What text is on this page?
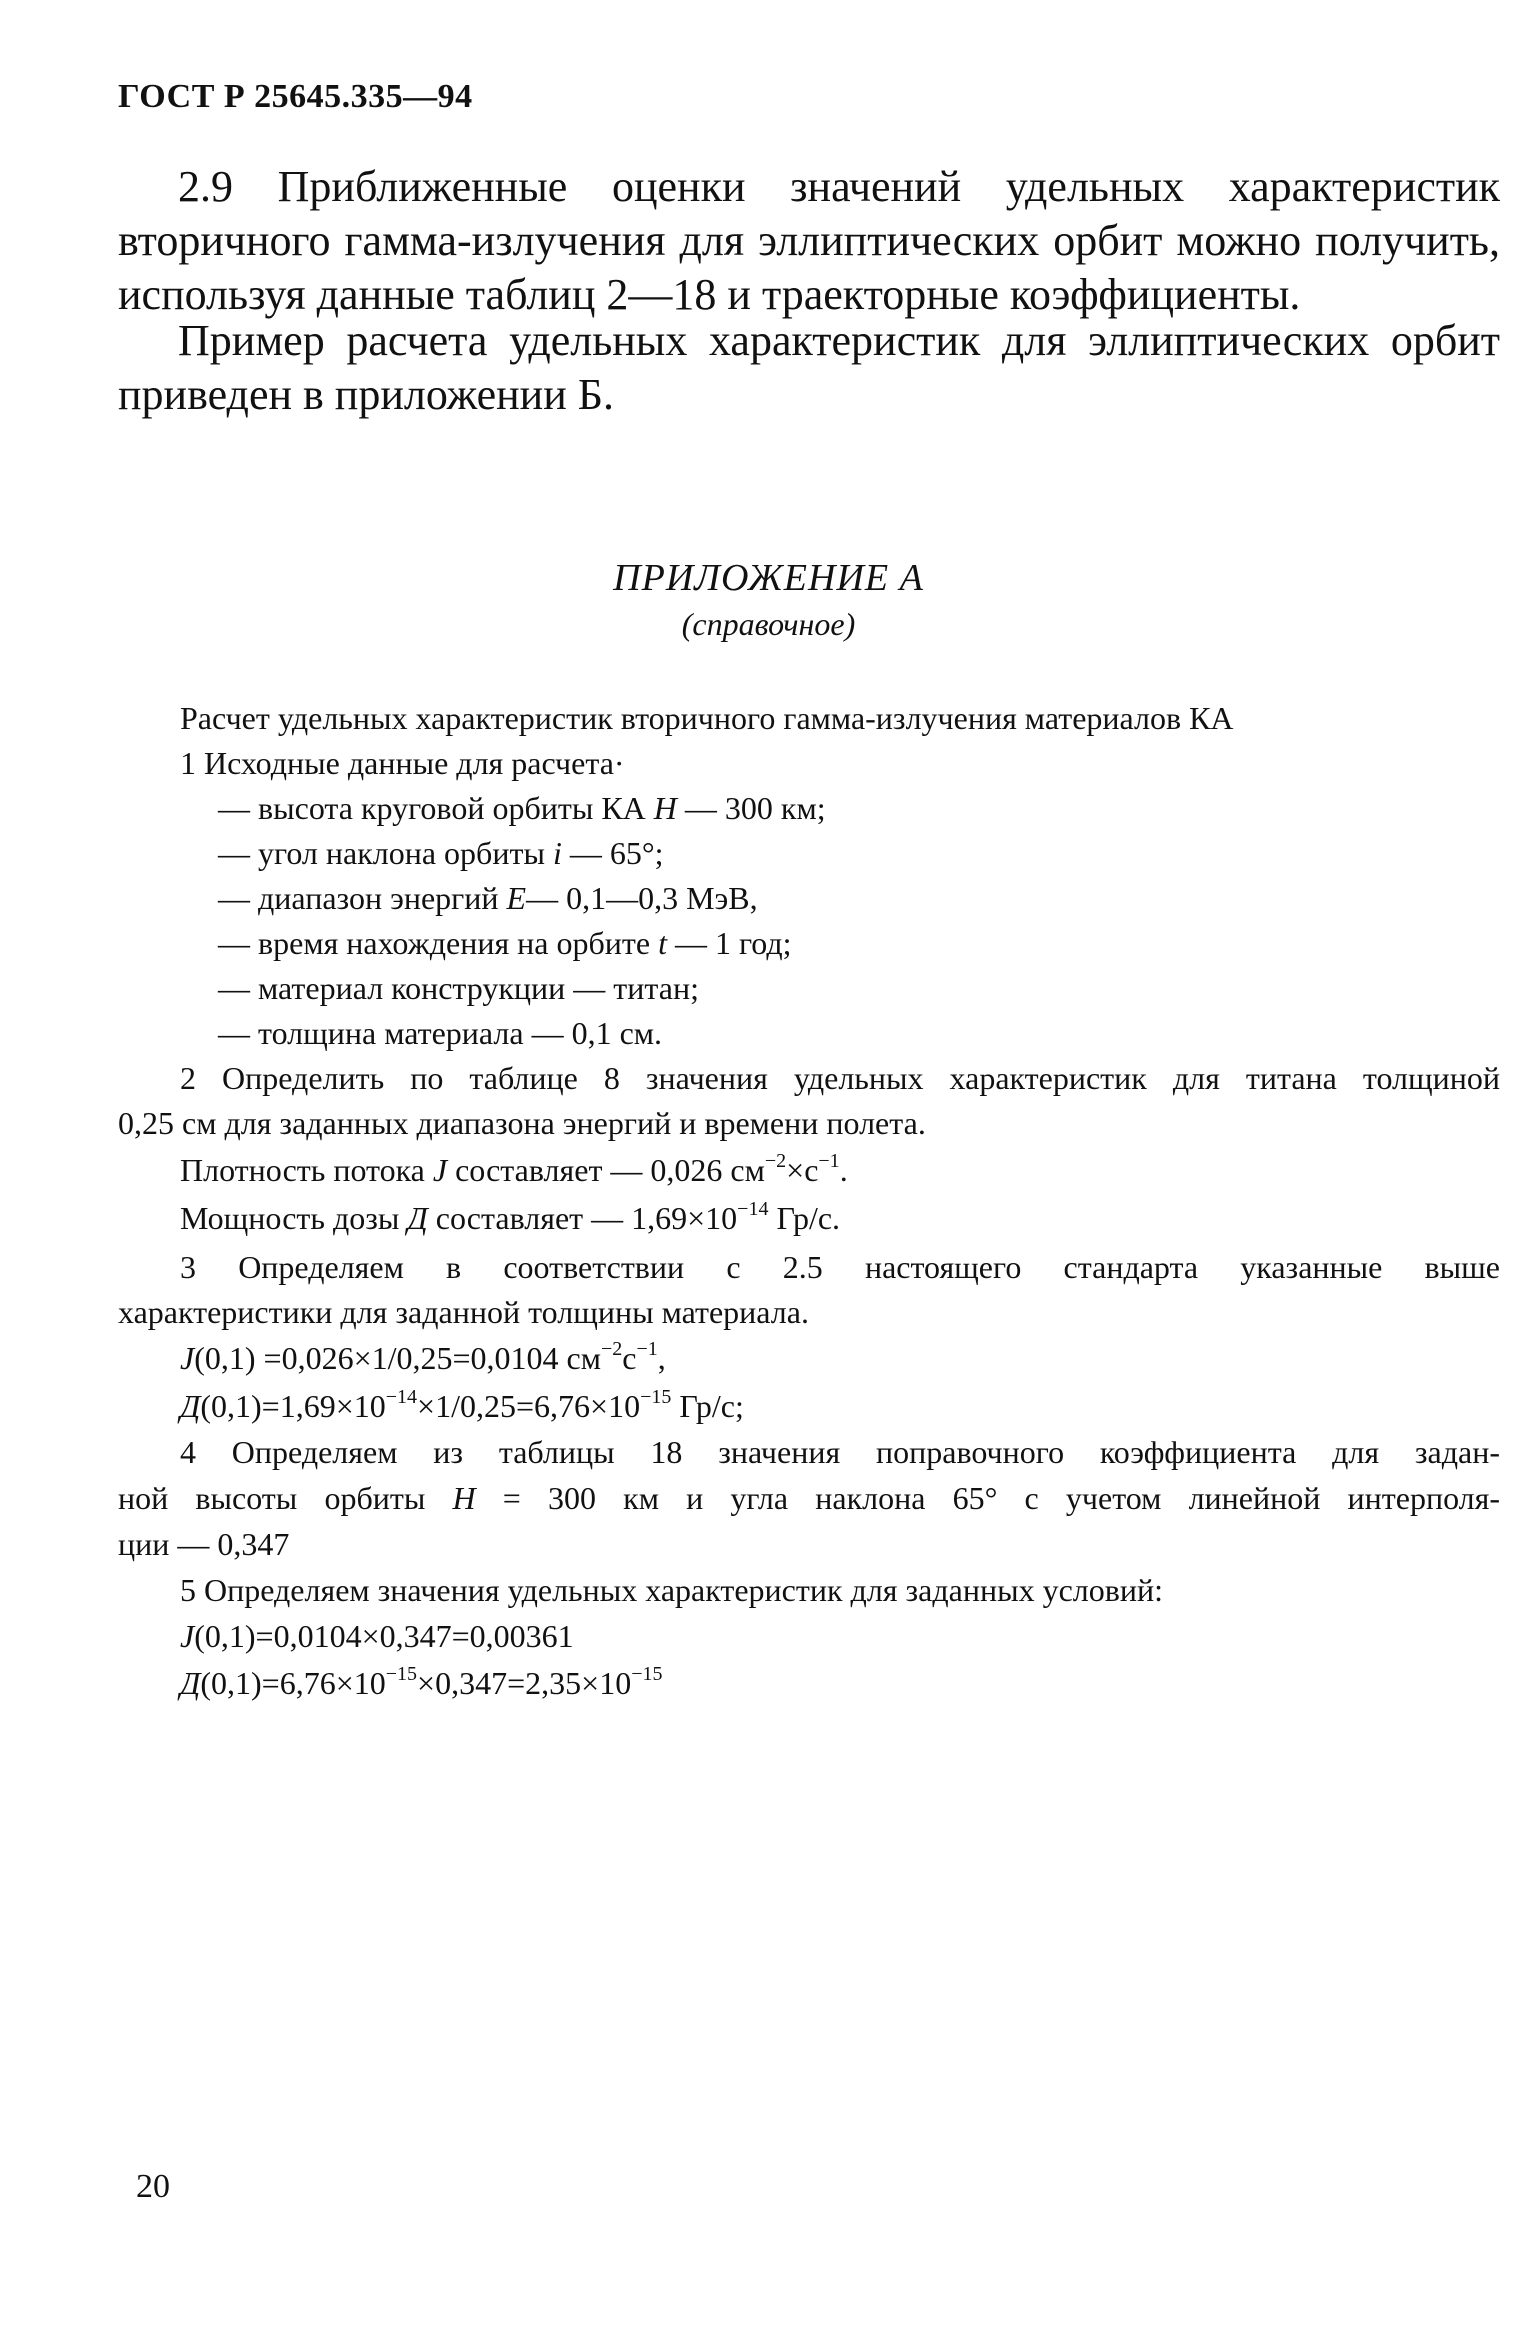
ГОСТ Р 25645.335—94
2.9 Приближенные оценки значений удельных характеристик вторичного гамма-излучения для эллиптических орбит можно получить, используя данные таблиц 2—18 и траекторные коэффициенты.
Пример расчета удельных характеристик для эллиптических орбит приведен в приложении Б.
ПРИЛОЖЕНИЕ А
(справочное)
Расчет удельных характеристик вторичного гамма-излучения материалов КА
1 Исходные данные для расчета·
— высота круговой орбиты КА H — 300 км;
— угол наклона орбиты i — 65°;
— диапазон энергий E— 0,1—0,3 МэВ,
— время нахождения на орбите t — 1 год;
— материал конструкции — титан;
— толщина материала — 0,1 см.
2 Определить по таблице 8 значения удельных характеристик для титана толщиной
0,25 см для заданных диапазона энергий и времени полета.
Плотность потока J составляет — 0,026 $см^{-2}\times с^{-1}$.
Мощность дозы Д составляет — $1,69\times 10^{-14}$ Гр/с.
3 Определяем в соответствии с 2.5 настоящего стандарта указанные выше
характеристики для заданной толщины материала.
J(0,1) =0,026×1/0,25=0,0104 $см^{-2}с^{-1}$,
$Д(0,1)=1,69\times 10^{-14}\times 1/0,25=6,76\times 10^{-15}$ Гр/с;
4 Определяем из таблицы 18 значения поправочного коэффициента для задан-
ной высоты орбиты H = 300 км и угла наклона 65° с учетом линейной интерполя-
ции — 0,347
5 Определяем значения удельных характеристик для заданных условий:
J(0,1)=0,0104×0,347=0,00361
$Д(0,1)=6,76\times 10^{-15}\times 0,347=2,35\times 10^{-15}$
20
